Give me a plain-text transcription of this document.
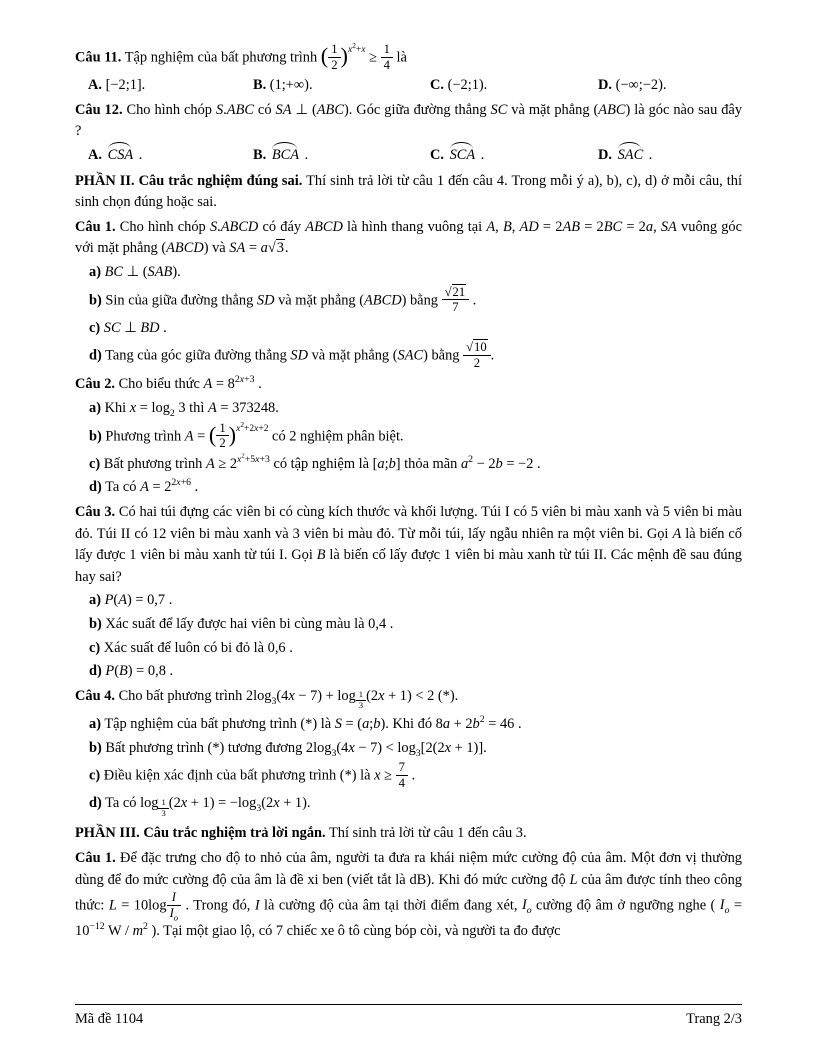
Câu 11. Tập nghiệm của bất phương trình ( $\frac{1}{2} )^{x^2+x} \ge \frac{1}{4}$ là

A. [−2;1].	B. (1;+∞).	C. (−2;1).	D. (−∞;−2).

Câu 12. Cho hình chóp S.ABC có SA ⊥ (ABC). Góc giữa đường thẳng SC và mặt phẳng (ABC) là góc nào sau đây ?

A. CSA .	B. BCA .	C. SCA .	D. SAC .

PHẦN II. Câu trắc nghiệm đúng sai. Thí sinh trả lời từ câu 1 đến câu 4. Trong mỗi ý a), b), c), d) ở mỗi câu, thí sinh chọn đúng hoặc sai.

Câu 1. Cho hình chóp S.ABCD có đáy ABCD là hình thang vuông tại A, B, AD = 2AB = 2BC = 2a, SA vuông góc với mặt phẳng (ABCD) và SA = a √ 3.

a) BC ⊥ (SAB).

b) Sin của giữa đường thẳng SD và mặt phẳng (ABCD) bằng √ $\frac{21}{7}$ .

c) SC ⊥ BD .

d) Tang của góc giữa đường thẳng SD và mặt phẳng (SAC) bằng √ $\frac{10}{2}$ .

Câu 2. Cho biểu thức $A = 8^{2x+3}$ .

a) Khi $x = \log_2 3$ thì A = 373248.

b) Phương trình A = ( $\frac{1}{2} )^{x^2+2x+2}$ có 2 nghiệm phân biệt.

c) Bất phương trình $A \ge 2^{x^2+5x+3}$ có tập nghiệm là [a;b] thỏa mãn $a^2 - 2b = -2$ .

d) Ta có $A = 2^{2x+6}$ .

Câu 3. Có hai túi đựng các viên bi có cùng kích thước và khối lượng. Túi I có 5 viên bi màu xanh và 5 viên bi màu đỏ. Túi II có 12 viên bi màu xanh và 3 viên bi màu đỏ. Từ mỗi túi, lấy ngẫu nhiên ra một viên bi. Gọi A là biến cố lấy được 1 viên bi màu xanh từ túi I. Gọi B là biến cố lấy được 1 viên bi màu xanh từ túi II. Các mệnh đề sau đúng hay sai?

a) P(A) = 0,7 .

b) Xác suất để lấy được hai viên bi cùng màu là 0,4 .

c) Xác suất để luôn có bi đỏ là 0,6 .

d) P(B) = 0,8 .

Câu 4. Cho bất phương trình $2\log_3(4x - 7) + \log _{\frac{1}{3}}$ (2x + 1) < 2 (*).

a) Tập nghiệm của bất phương trình (*) là S = (a;b). Khi đó $8a + 2b^2 = 46$ .

b) Bất phương trình (*) tương đương $2\log_3(4x - 7) < \log_3[2(2x + 1)]$.

c) Điều kiện xác định của bất phương trình (*) là $x \ge \frac{7}{4}$ .

d) Ta có log $_{\frac{1}{3}}$ $(2x + 1) = -\log_3(2x + 1)$.

PHẦN III. Câu trắc nghiệm trả lời ngắn. Thí sinh trả lời từ câu 1 đến câu 3.

Câu 1. Để đặc trưng cho độ to nhỏ của âm, người ta đưa ra khái niệm mức cường độ của âm. Một đơn vị thường dùng để đo mức cường độ của âm là đề xi ben (viết tắt là dB). Khi đó mức cường độ L của âm được tính theo công thức: $L = 10\log \frac{I}{I_o}$ . Trong đó, I là cường độ của âm tại thời điểm đang xét, $I_o$ cường độ âm ở ngưỡng nghe ( $I_o = 10^{-12}$ W / $m^2$ ). Tại một giao lộ, có 7 chiếc xe ô tô cùng bóp còi, và người ta đo được

Mã đề 1104	Trang 2/3
